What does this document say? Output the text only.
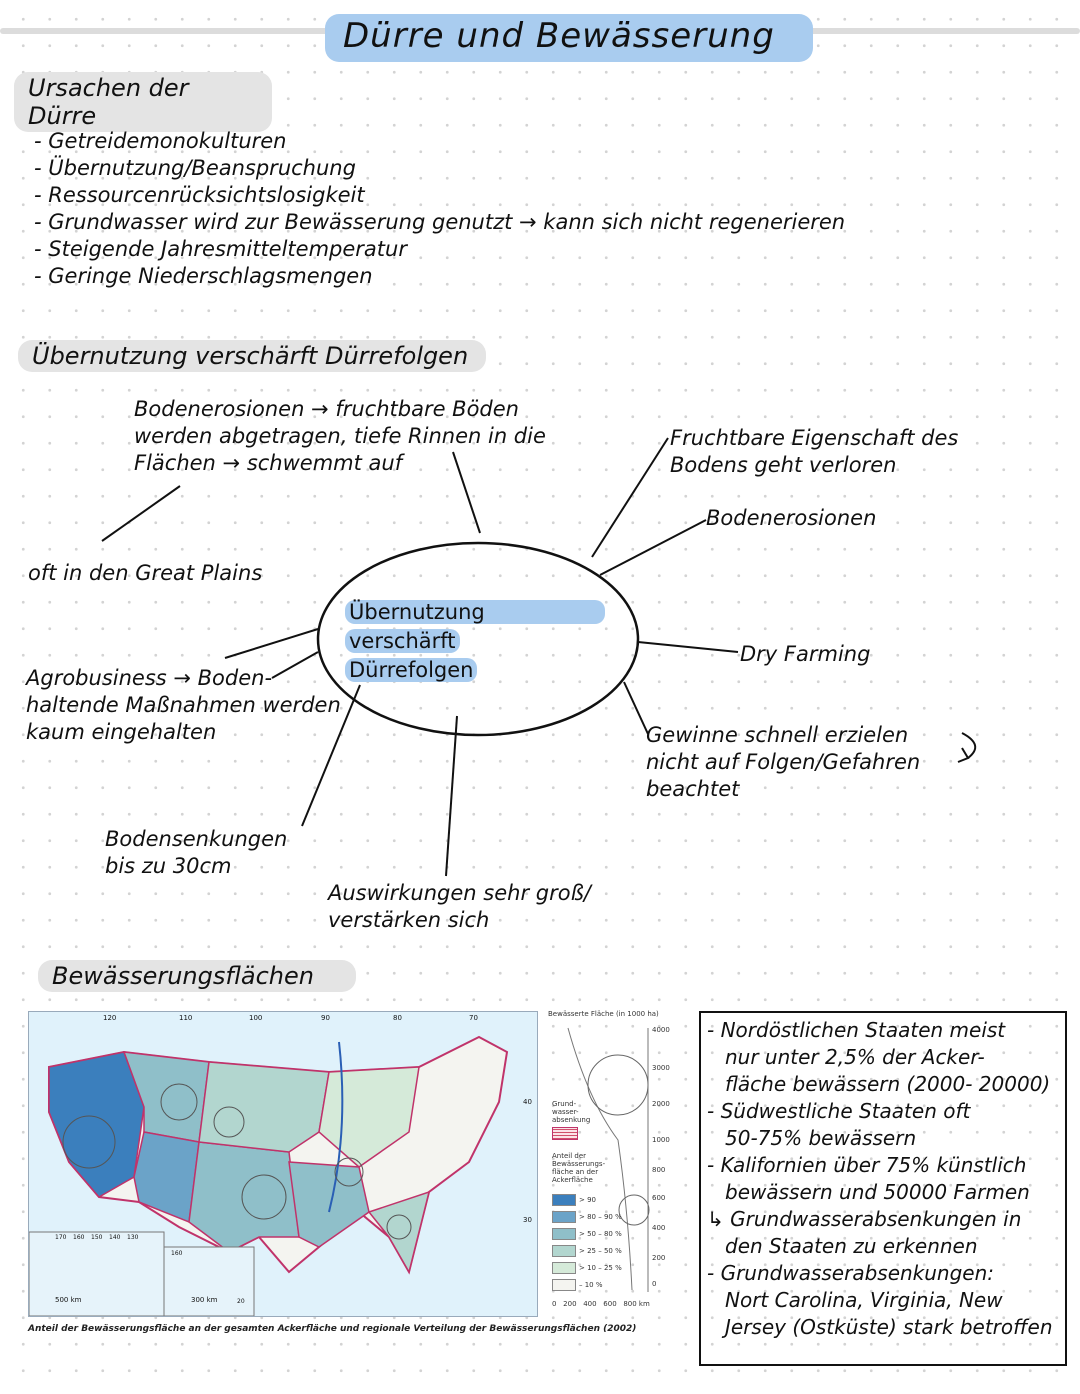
Dürre und Bewässerung
Ursachen der Dürre
- Getreidemonokulturen
- Übernutzung/Beanspruchung
- Ressourcenrücksichtslosigkeit
- Grundwasser wird zur Bewässerung genutzt → kann sich nicht regenerieren
- Steigende Jahresmitteltemperatur
- Geringe Niederschlagsmengen
Übernutzung verschärft Dürrefolgen
Übernutzung
verschärft
Dürrefolgen
Bodenerosionen → fruchtbare Böden
werden abgetragen, tiefe Rinnen in die
Flächen → schwemmt auf
oft in den Great Plains
Agrobusiness → Boden-
haltende Maßnahmen werden
kaum eingehalten
Bodensenkungen
bis zu 30cm
Auswirkungen sehr groß/
verstärken sich
Fruchtbare Eigenschaft des
Bodens geht verloren
Bodenerosionen
Dry Farming
Gewinne schnell erzielen
nicht auf Folgen/Gefahren
beachtet
Bewässerungsflächen
120	110	100	90	80	70
40
30
170 160 150 140 130
160
20
500 km	300 km
Anteil der Bewässerungsfläche an der gesamten Ackerfläche und regionale Verteilung der Bewässerungsflächen (2002)
Bewässerte Fläche (in 1000 ha)
4000
3000
2000
1000
800
600
400
200
0
Grund-
wasser-
absenkung
Anteil der
Bewässerungs-
fläche an der
Ackerfläche
> 90
> 80 – 90 %
> 50 – 80 %
> 25 – 50 %
> 10 – 25 %
– 10 %
0 200 400 600 800 km
- Nordöstlichen Staaten meist
nur unter 2,5% der Acker-
fläche bewässern (2000- 20000)
- Südwestliche Staaten oft
50-75% bewässern
- Kalifornien über 75% künstlich
bewässern und 50000 Farmen
↳ Grundwasserabsenkungen in
den Staaten zu erkennen
- Grundwasserabsenkungen:
Nort Carolina, Virginia, New
Jersey (Ostküste) stark betroffen
